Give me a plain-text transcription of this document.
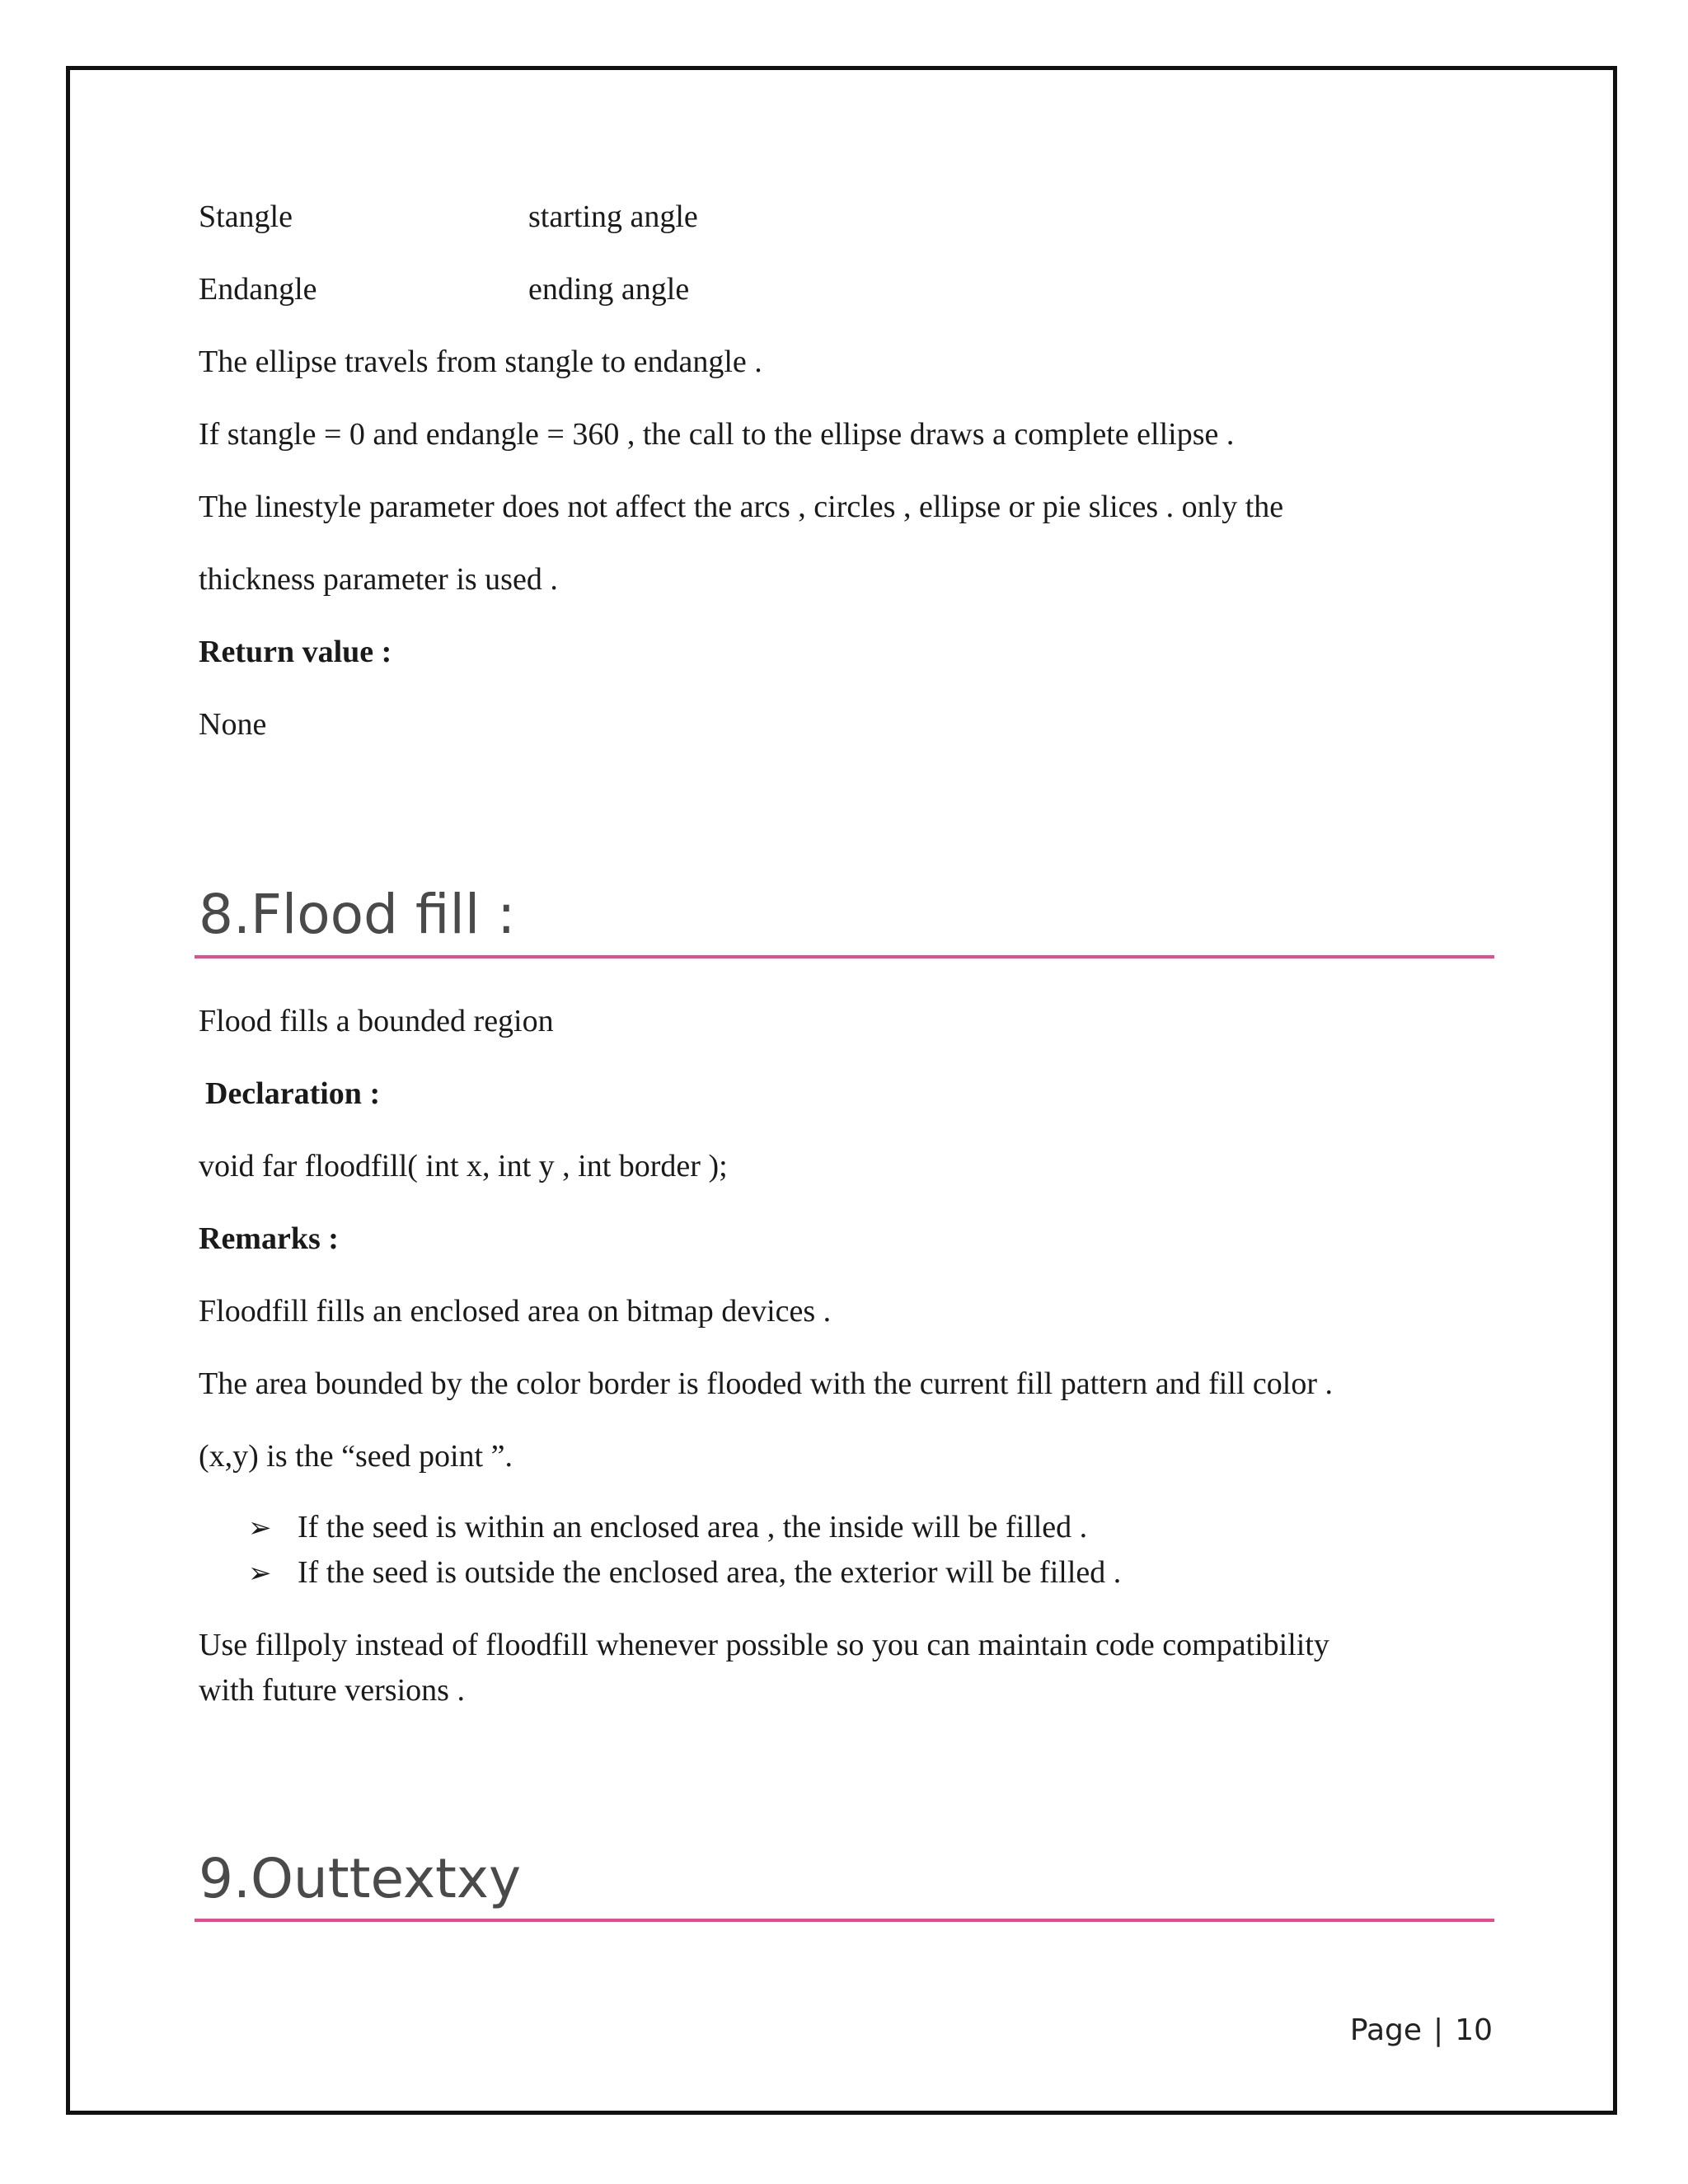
Stangle	starting angle
Endangle	ending angle
The ellipse travels from stangle to endangle .
If stangle = 0 and endangle = 360 , the call to the ellipse draws a complete ellipse .
The linestyle parameter does not affect the arcs , circles , ellipse or pie slices . only the
thickness parameter is used .
Return value :
None
8.Flood fill :
Flood fills a bounded region
Declaration :
void far floodfill( int x, int y , int border );
Remarks :
Floodfill fills an enclosed area on bitmap devices .
The area bounded by the color border is flooded with the current fill pattern and fill color .
(x,y) is the “seed point ”.
➢ If the seed is within an enclosed area , the inside will be filled .
➢ If the seed is outside the enclosed area, the exterior will be filled .
Use fillpoly instead of floodfill whenever possible so you can maintain code compatibility
with future versions .
9.Outtextxy
Page | 10
